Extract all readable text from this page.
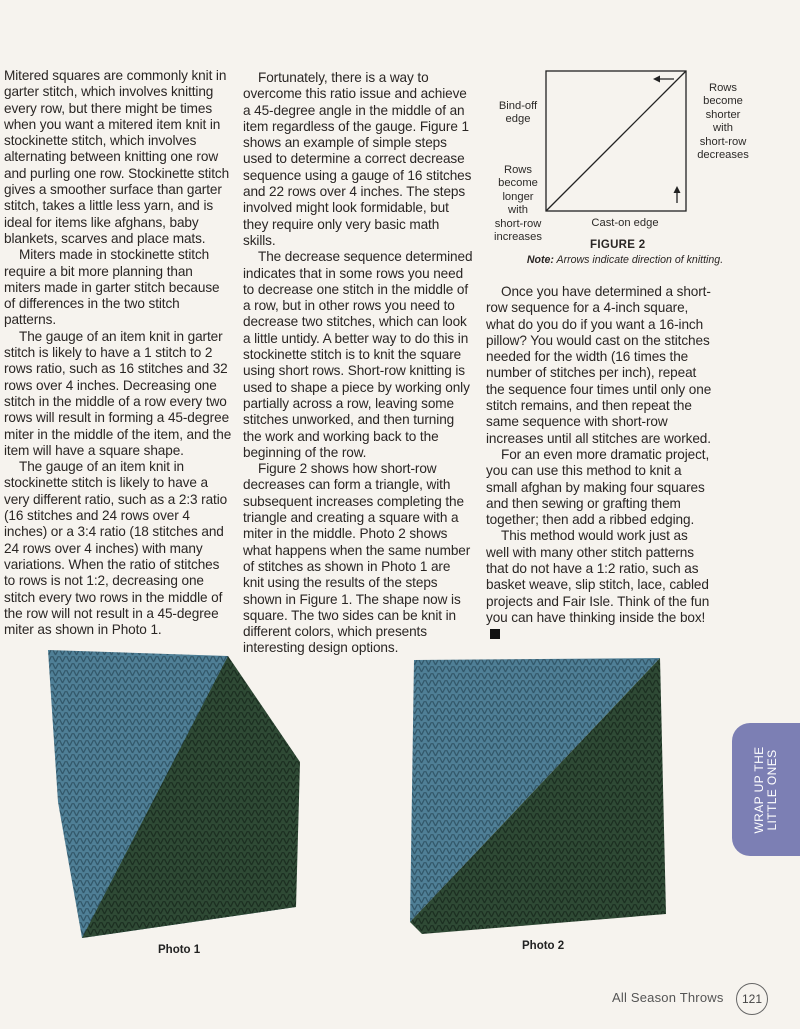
Mitered squares are commonly knit in garter stitch, which involves knitting every row, but there might be times when you want a mitered item knit in stockinette stitch, which involves alternating between knitting one row and purling one row. Stockinette stitch gives a smoother surface than garter stitch, takes a little less yarn, and is ideal for items like afghans, baby blankets, scarves and place mats.

Miters made in stockinette stitch require a bit more planning than miters made in garter stitch because of differences in the two stitch patterns.

The gauge of an item knit in garter stitch is likely to have a 1 stitch to 2 rows ratio, such as 16 stitches and 32 rows over 4 inches. Decreasing one stitch in the middle of a row every two rows will result in forming a 45-degree miter in the middle of the item, and the item will have a square shape.

The gauge of an item knit in stockinette stitch is likely to have a very different ratio, such as a 2:3 ratio (16 stitches and 24 rows over 4 inches) or a 3:4 ratio (18 stitches and 24 rows over 4 inches) with many variations. When the ratio of stitches to rows is not 1:2, decreasing one stitch every two rows in the middle of the row will not result in a 45-degree miter as shown in Photo 1.

Fortunately, there is a way to overcome this ratio issue and achieve a 45-degree angle in the middle of an item regardless of the gauge. Figure 1 shows an example of simple steps used to determine a correct decrease sequence using a gauge of 16 stitches and 22 rows over 4 inches. The steps involved might look formidable, but they require only very basic math skills.

The decrease sequence determined indicates that in some rows you need to decrease one stitch in the middle of a row, but in other rows you need to decrease two stitches, which can look a little untidy. A better way to do this in stockinette stitch is to knit the square using short rows. Short-row knitting is used to shape a piece by working only partially across a row, leaving some stitches unworked, and then turning the work and working back to the beginning of the row.

Figure 2 shows how short-row decreases can form a triangle, with subsequent increases completing the triangle and creating a square with a miter in the middle. Photo 2 shows what happens when the same number of stitches as shown in Photo 1 are knit using the results of the steps shown in Figure 1. The shape now is square. The two sides can be knit in different colors, which presents interesting design options.

Once you have determined a short-row sequence for a 4-inch square, what do you do if you want a 16-inch pillow? You would cast on the stitches needed for the width (16 times the number of stitches per inch), repeat the sequence four times until only one stitch remains, and then repeat the same sequence with short-row increases until all stitches are worked.

For an even more dramatic project, you can use this method to knit a small afghan by making four squares and then sewing or grafting them together; then add a ribbed edging.

This method would work just as well with many other stitch patterns that do not have a 1:2 ratio, such as basket weave, slip stitch, lace, cabled projects and Fair Isle. Think of the fun you can have thinking inside the box!

Bind-off
edge
Rows
become
shorter
with
short-row
decreases
Rows
become
longer
with
short-row
increases
Cast-on edge
FIGURE 2
Note: Arrows indicate direction of knitting.
Photo 1	Photo 2
WRAP UP THE LITTLE ONES
All Season Throws	121
